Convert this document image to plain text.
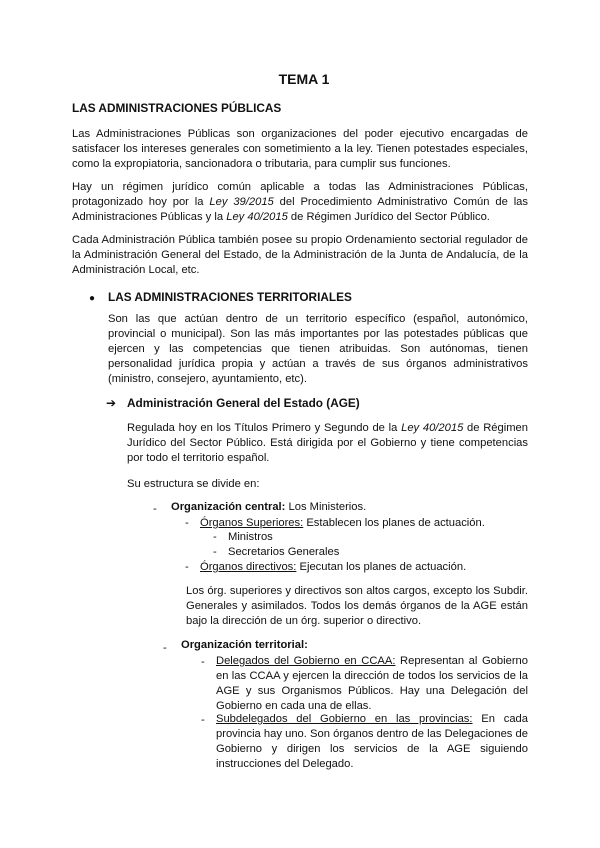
TEMA 1
LAS ADMINISTRACIONES PÚBLICAS
Las Administraciones Públicas son organizaciones del poder ejecutivo encargadas de satisfacer los intereses generales con sometimiento a la ley. Tienen potestades especiales, como la expropiatoria, sancionadora o tributaria, para cumplir sus funciones.
Hay un régimen jurídico común aplicable a todas las Administraciones Públicas, protagonizado hoy por la Ley 39/2015 del Procedimiento Administrativo Común de las Administraciones Públicas y la Ley 40/2015 de Régimen Jurídico del Sector Público.
Cada Administración Pública también posee su propio Ordenamiento sectorial regulador de la Administración General del Estado, de la Administración de la Junta de Andalucía, de la Administración Local, etc.
● LAS ADMINISTRACIONES TERRITORIALES
Son las que actúan dentro de un territorio específico (español, autonómico, provincial o municipal). Son las más importantes por las potestades públicas que ejercen y las competencias que tienen atribuidas. Son autónomas, tienen personalidad jurídica propia y actúan a través de sus órganos administrativos (ministro, consejero, ayuntamiento, etc).
➔ Administración General del Estado (AGE)
Regulada hoy en los Títulos Primero y Segundo de la Ley 40/2015 de Régimen Jurídico del Sector Público. Está dirigida por el Gobierno y tiene competencias por todo el territorio español.
Su estructura se divide en:
- Organización central: Los Ministerios.
- Órganos Superiores: Establecen los planes de actuación.
- Ministros
- Secretarios Generales
- Órganos directivos: Ejecutan los planes de actuación.
Los órg. superiores y directivos son altos cargos, excepto los Subdir. Generales y asimilados. Todos los demás órganos de la AGE están bajo la dirección de un órg. superior o directivo.
- Organización territorial:
- Delegados del Gobierno en CCAA: Representan al Gobierno en las CCAA y ejercen la dirección de todos los servicios de la AGE y sus Organismos Públicos. Hay una Delegación del Gobierno en cada una de ellas.
- Subdelegados del Gobierno en las provincias: En cada provincia hay uno. Son órganos dentro de las Delegaciones de Gobierno y dirigen los servicios de la AGE siguiendo instrucciones del Delegado.
